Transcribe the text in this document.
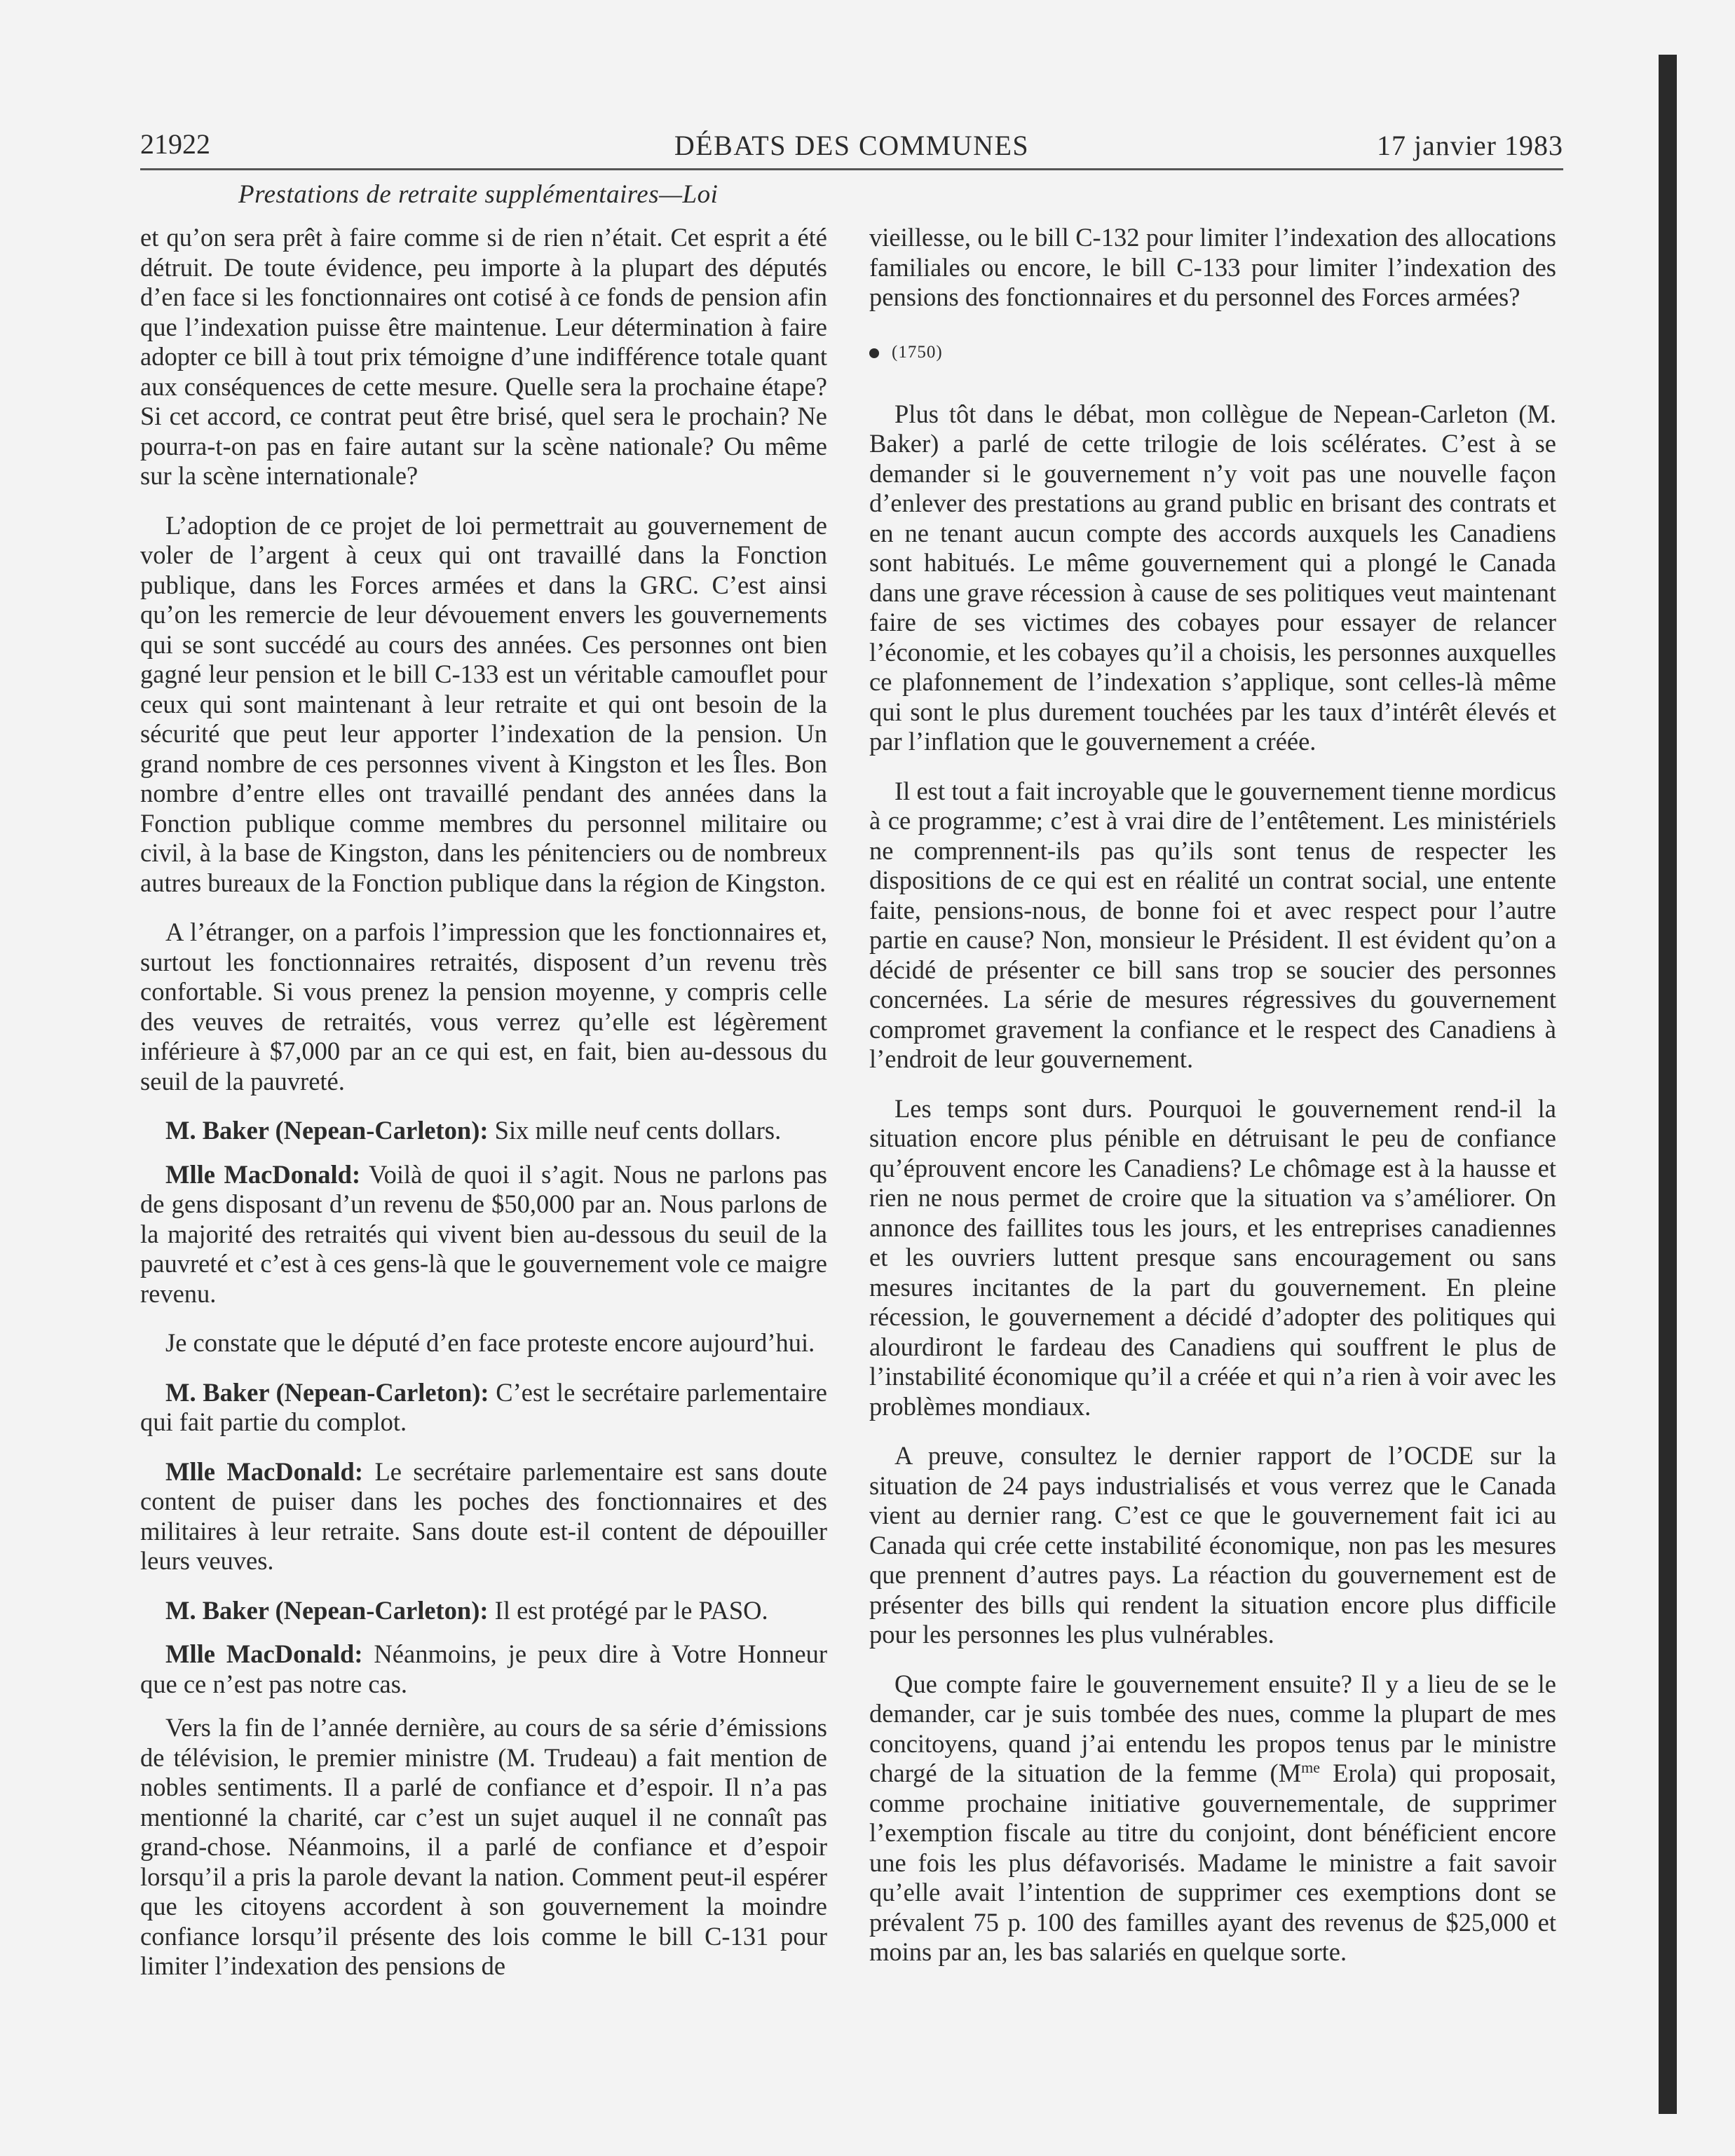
21922	DÉBATS DES COMMUNES	17 janvier 1983
Prestations de retraite supplémentaires—Loi

et qu’on sera prêt à faire comme si de rien n’était. Cet esprit a été détruit. De toute évidence, peu importe à la plupart des députés d’en face si les fonctionnaires ont cotisé à ce fonds de pension afin que l’indexation puisse être maintenue. Leur détermination à faire adopter ce bill à tout prix témoigne d’une indifférence totale quant aux conséquences de cette mesure. Quelle sera la prochaine étape? Si cet accord, ce contrat peut être brisé, quel sera le prochain? Ne pourra-t-on pas en faire autant sur la scène nationale? Ou même sur la scène internationale?

L’adoption de ce projet de loi permettrait au gouvernement de voler de l’argent à ceux qui ont travaillé dans la Fonction publique, dans les Forces armées et dans la GRC. C’est ainsi qu’on les remercie de leur dévouement envers les gouvernements qui se sont succédé au cours des années. Ces personnes ont bien gagné leur pension et le bill C-133 est un véritable camouflet pour ceux qui sont maintenant à leur retraite et qui ont besoin de la sécurité que peut leur apporter l’indexation de la pension. Un grand nombre de ces personnes vivent à Kingston et les Îles. Bon nombre d’entre elles ont travaillé pendant des années dans la Fonction publique comme membres du personnel militaire ou civil, à la base de Kingston, dans les pénitenciers ou de nombreux autres bureaux de la Fonction publique dans la région de Kingston.

A l’étranger, on a parfois l’impression que les fonctionnaires et, surtout les fonctionnaires retraités, disposent d’un revenu très confortable. Si vous prenez la pension moyenne, y compris celle des veuves de retraités, vous verrez qu’elle est légèrement inférieure à $7,000 par an ce qui est, en fait, bien au-dessous du seuil de la pauvreté.

M. Baker (Nepean-Carleton): Six mille neuf cents dollars.

Mlle MacDonald: Voilà de quoi il s’agit. Nous ne parlons pas de gens disposant d’un revenu de $50,000 par an. Nous parlons de la majorité des retraités qui vivent bien au-dessous du seuil de la pauvreté et c’est à ces gens-là que le gouvernement vole ce maigre revenu.

Je constate que le député d’en face proteste encore aujourd’hui.

M. Baker (Nepean-Carleton): C’est le secrétaire parlementaire qui fait partie du complot.

Mlle MacDonald: Le secrétaire parlementaire est sans doute content de puiser dans les poches des fonctionnaires et des militaires à leur retraite. Sans doute est-il content de dépouiller leurs veuves.

M. Baker (Nepean-Carleton): Il est protégé par le PASO.

Mlle MacDonald: Néanmoins, je peux dire à Votre Honneur que ce n’est pas notre cas.

Vers la fin de l’année dernière, au cours de sa série d’émissions de télévision, le premier ministre (M. Trudeau) a fait mention de nobles sentiments. Il a parlé de confiance et d’espoir. Il n’a pas mentionné la charité, car c’est un sujet auquel il ne connaît pas grand-chose. Néanmoins, il a parlé de confiance et d’espoir lorsqu’il a pris la parole devant la nation. Comment peut-il espérer que les citoyens accordent à son gouvernement la moindre confiance lorsqu’il présente des lois comme le bill C-131 pour limiter l’indexation des pensions de

vieillesse, ou le bill C-132 pour limiter l’indexation des allocations familiales ou encore, le bill C-133 pour limiter l’indexation des pensions des fonctionnaires et du personnel des Forces armées?

(1750)

Plus tôt dans le débat, mon collègue de Nepean-Carleton (M. Baker) a parlé de cette trilogie de lois scélérates. C’est à se demander si le gouvernement n’y voit pas une nouvelle façon d’enlever des prestations au grand public en brisant des contrats et en ne tenant aucun compte des accords auxquels les Canadiens sont habitués. Le même gouvernement qui a plongé le Canada dans une grave récession à cause de ses politiques veut maintenant faire de ses victimes des cobayes pour essayer de relancer l’économie, et les cobayes qu’il a choisis, les personnes auxquelles ce plafonnement de l’indexation s’applique, sont celles-là même qui sont le plus durement touchées par les taux d’intérêt élevés et par l’inflation que le gouvernement a créée.

Il est tout a fait incroyable que le gouvernement tienne mordicus à ce programme; c’est à vrai dire de l’entêtement. Les ministériels ne comprennent-ils pas qu’ils sont tenus de respecter les dispositions de ce qui est en réalité un contrat social, une entente faite, pensions-nous, de bonne foi et avec respect pour l’autre partie en cause? Non, monsieur le Président. Il est évident qu’on a décidé de présenter ce bill sans trop se soucier des personnes concernées. La série de mesures régressives du gouvernement compromet gravement la confiance et le respect des Canadiens à l’endroit de leur gouvernement.

Les temps sont durs. Pourquoi le gouvernement rend-il la situation encore plus pénible en détruisant le peu de confiance qu’éprouvent encore les Canadiens? Le chômage est à la hausse et rien ne nous permet de croire que la situation va s’améliorer. On annonce des faillites tous les jours, et les entreprises canadiennes et les ouvriers luttent presque sans encouragement ou sans mesures incitantes de la part du gouvernement. En pleine récession, le gouvernement a décidé d’adopter des politiques qui alourdiront le fardeau des Canadiens qui souffrent le plus de l’instabilité économique qu’il a créée et qui n’a rien à voir avec les problèmes mondiaux.

A preuve, consultez le dernier rapport de l’OCDE sur la situation de 24 pays industrialisés et vous verrez que le Canada vient au dernier rang. C’est ce que le gouvernement fait ici au Canada qui crée cette instabilité économique, non pas les mesures que prennent d’autres pays. La réaction du gouvernement est de présenter des bills qui rendent la situation encore plus difficile pour les personnes les plus vulnérables.

Que compte faire le gouvernement ensuite? Il y a lieu de se le demander, car je suis tombée des nues, comme la plupart de mes concitoyens, quand j’ai entendu les propos tenus par le ministre chargé de la situation de la femme ($M^{me}$ Erola) qui proposait, comme prochaine initiative gouvernementale, de supprimer l’exemption fiscale au titre du conjoint, dont bénéficient encore une fois les plus défavorisés. Madame le ministre a fait savoir qu’elle avait l’intention de supprimer ces exemptions dont se prévalent 75 p. 100 des familles ayant des revenus de $25,000 et moins par an, les bas salariés en quelque sorte.
